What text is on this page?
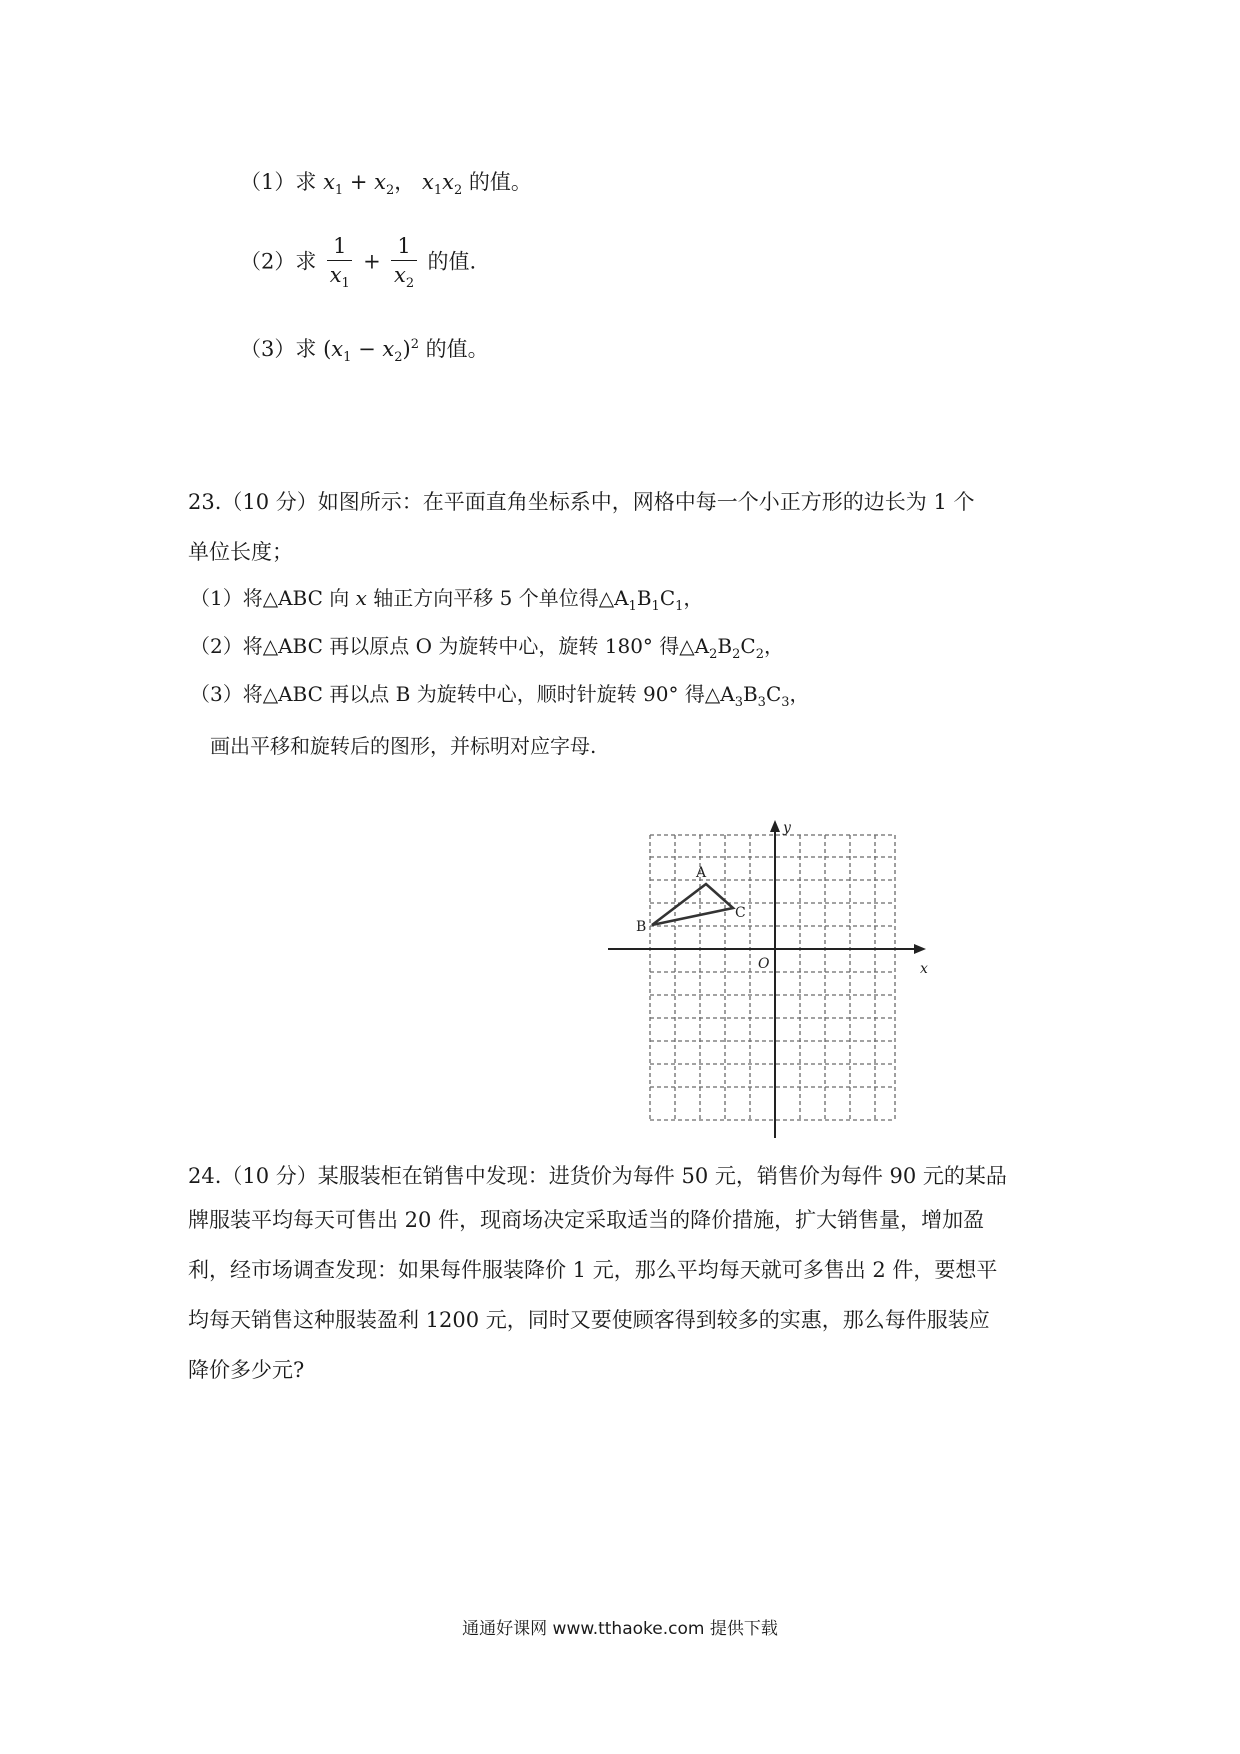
（1）求 $x_1 + x_2$， $x_1x_2$ 的值。
（2）求 $\frac{1}{x_1} + \frac{1}{x_2}$ 的值.
（3）求 $(x_1 - x_2)^2$ 的值。
23.（10 分）如图所示：在平面直角坐标系中，网格中每一个小正方形的边长为 1 个
单位长度；
（1）将△ABC 向 x 轴正方向平移 5 个单位得$\triangle A_1B_1C_1$，
（2）将△ABC 再以原点 O 为旋转中心，旋转 180° 得$\triangle A_2B_2C_2$，
（3）将△ABC 再以点 B 为旋转中心，顺时针旋转 90° 得$\triangle A_3B_3C_3$，
画出平移和旋转后的图形，并标明对应字母.
A
B
C
O
y
x
24.（10 分）某服装柜在销售中发现：进货价为每件 50 元，销售价为每件 90 元的某品
牌服装平均每天可售出 20 件，现商场决定采取适当的降价措施，扩大销售量，增加盈
利，经市场调查发现：如果每件服装降价 1 元，那么平均每天就可多售出 2 件，要想平
均每天销售这种服装盈利 1200 元，同时又要使顾客得到较多的实惠，那么每件服装应
降价多少元?
通通好课网 www.tthaoke.com 提供下载
